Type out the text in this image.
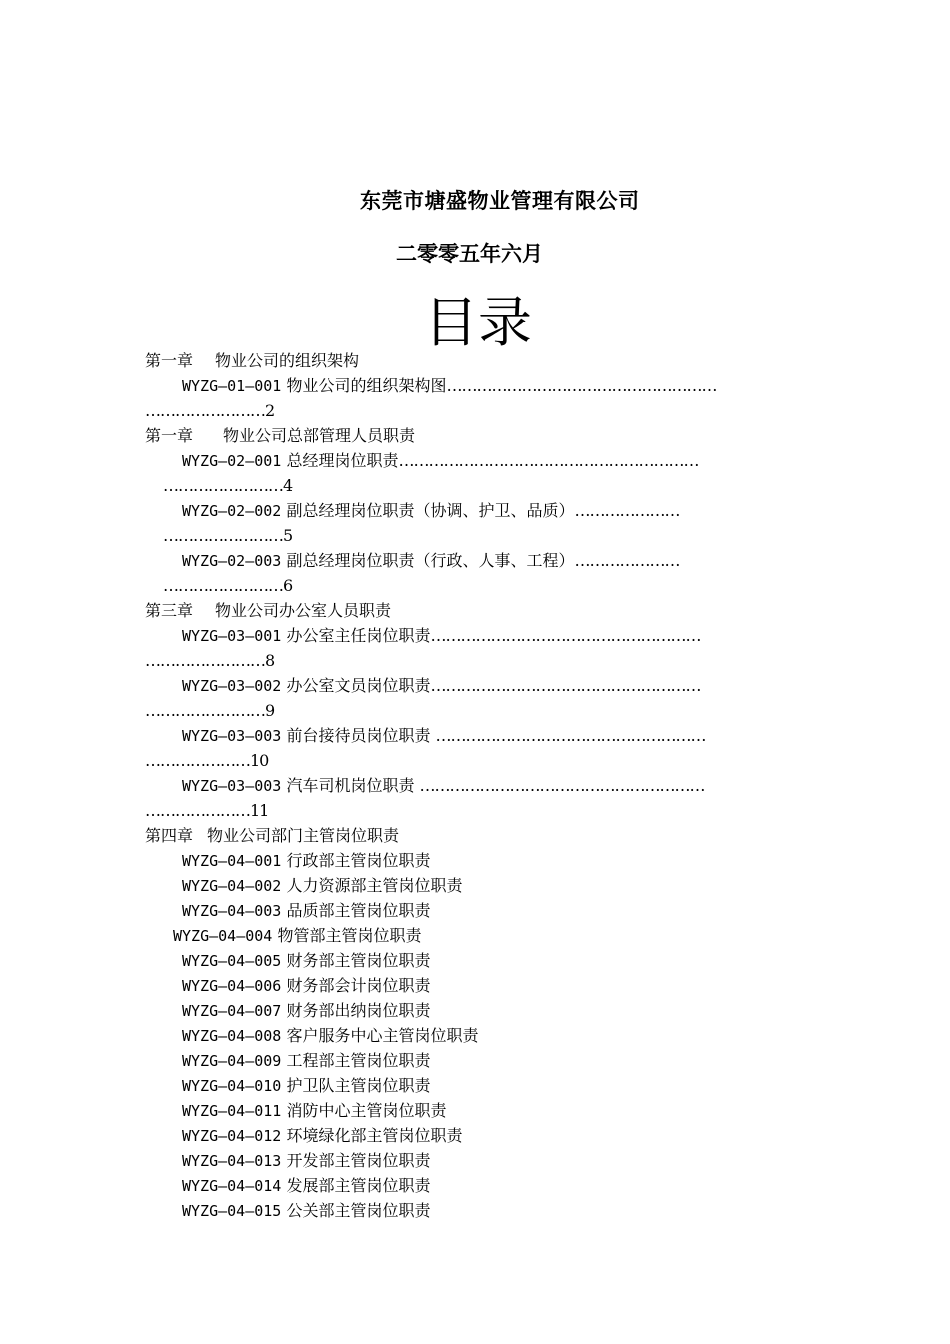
东莞市塘盛物业管理有限公司
二零零五年六月
目录
第一章 物业公司的组织架构
WYZG—01—001 物业公司的组织架构图………………………………………………
……………………2
第一章 物业公司总部管理人员职责
WYZG—02—001 总经理岗位职责……………………………………………………
……………………4
WYZG—02—002 副总经理岗位职责（协调、护卫、品质）…………………
……………………5
WYZG—02—003 副总经理岗位职责（行政、人事、工程）…………………
……………………6
第三章 物业公司办公室人员职责
WYZG—03—001 办公室主任岗位职责………………………………………………
……………………8
WYZG—03—002 办公室文员岗位职责………………………………………………
……………………9
WYZG—03—003 前台接待员岗位职责 ………………………………………………
…………………10
WYZG—03—003 汽车司机岗位职责 …………………………………………………
…………………11
第四章 物业公司部门主管岗位职责
WYZG—04—001 行政部主管岗位职责
WYZG—04—002 人力资源部主管岗位职责
WYZG—04—003 品质部主管岗位职责
WYZG—04—004 物管部主管岗位职责
WYZG—04—005 财务部主管岗位职责
WYZG—04—006 财务部会计岗位职责
WYZG—04—007 财务部出纳岗位职责
WYZG—04—008 客户服务中心主管岗位职责
WYZG—04—009 工程部主管岗位职责
WYZG—04—010 护卫队主管岗位职责
WYZG—04—011 消防中心主管岗位职责
WYZG—04—012 环境绿化部主管岗位职责
WYZG—04—013 开发部主管岗位职责
WYZG—04—014 发展部主管岗位职责
WYZG—04—015 公关部主管岗位职责
